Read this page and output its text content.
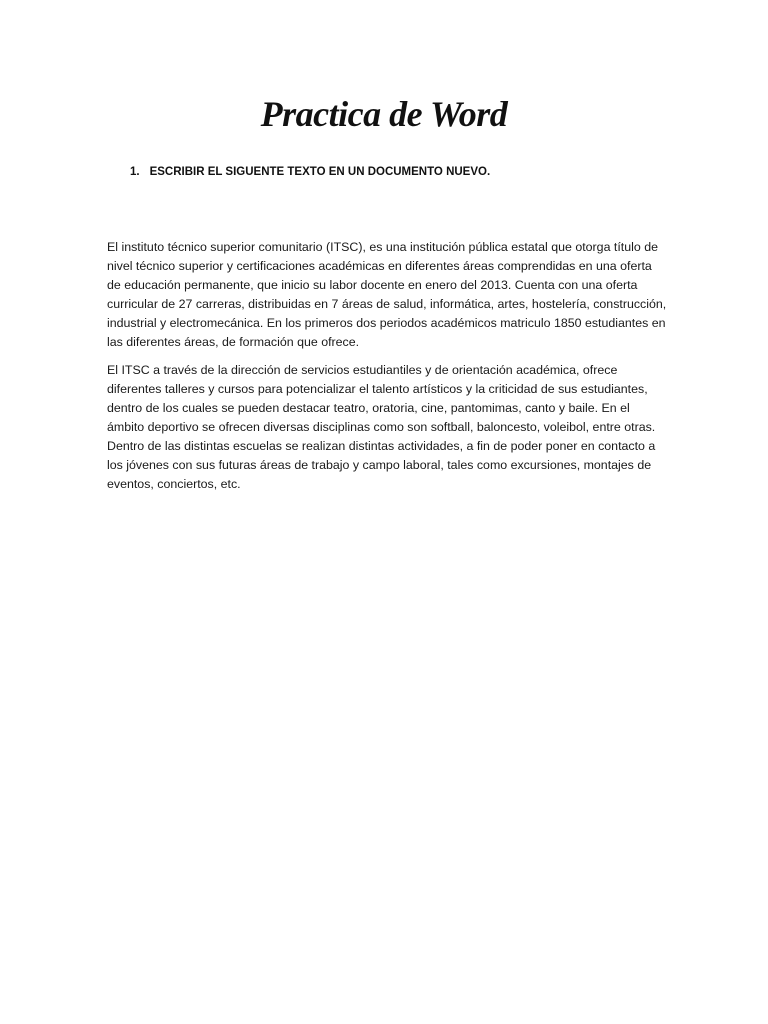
Practica de Word
1. ESCRIBIR EL SIGUENTE TEXTO EN UN DOCUMENTO NUEVO.

El instituto técnico superior comunitario (ITSC), es una institución pública estatal que otorga título de nivel técnico superior y certificaciones académicas en diferentes áreas comprendidas en una oferta de educación permanente, que inicio su labor docente en enero del 2013. Cuenta con una oferta curricular de 27 carreras, distribuidas en 7 áreas de salud, informática, artes, hostelería, construcción, industrial y electromecánica. En los primeros dos periodos académicos matriculo 1850 estudiantes en las diferentes áreas, de formación que ofrece.

El ITSC a través de la dirección de servicios estudiantiles y de orientación académica, ofrece diferentes talleres y cursos para potencializar el talento artísticos y la criticidad de sus estudiantes, dentro de los cuales se pueden destacar teatro, oratoria, cine, pantomimas, canto y baile. En el ámbito deportivo se ofrecen diversas disciplinas como son softball, baloncesto, voleibol, entre otras. Dentro de las distintas escuelas se realizan distintas actividades, a fin de poder poner en contacto a los jóvenes con sus futuras áreas de trabajo y campo laboral, tales como excursiones, montajes de eventos, conciertos, etc.
